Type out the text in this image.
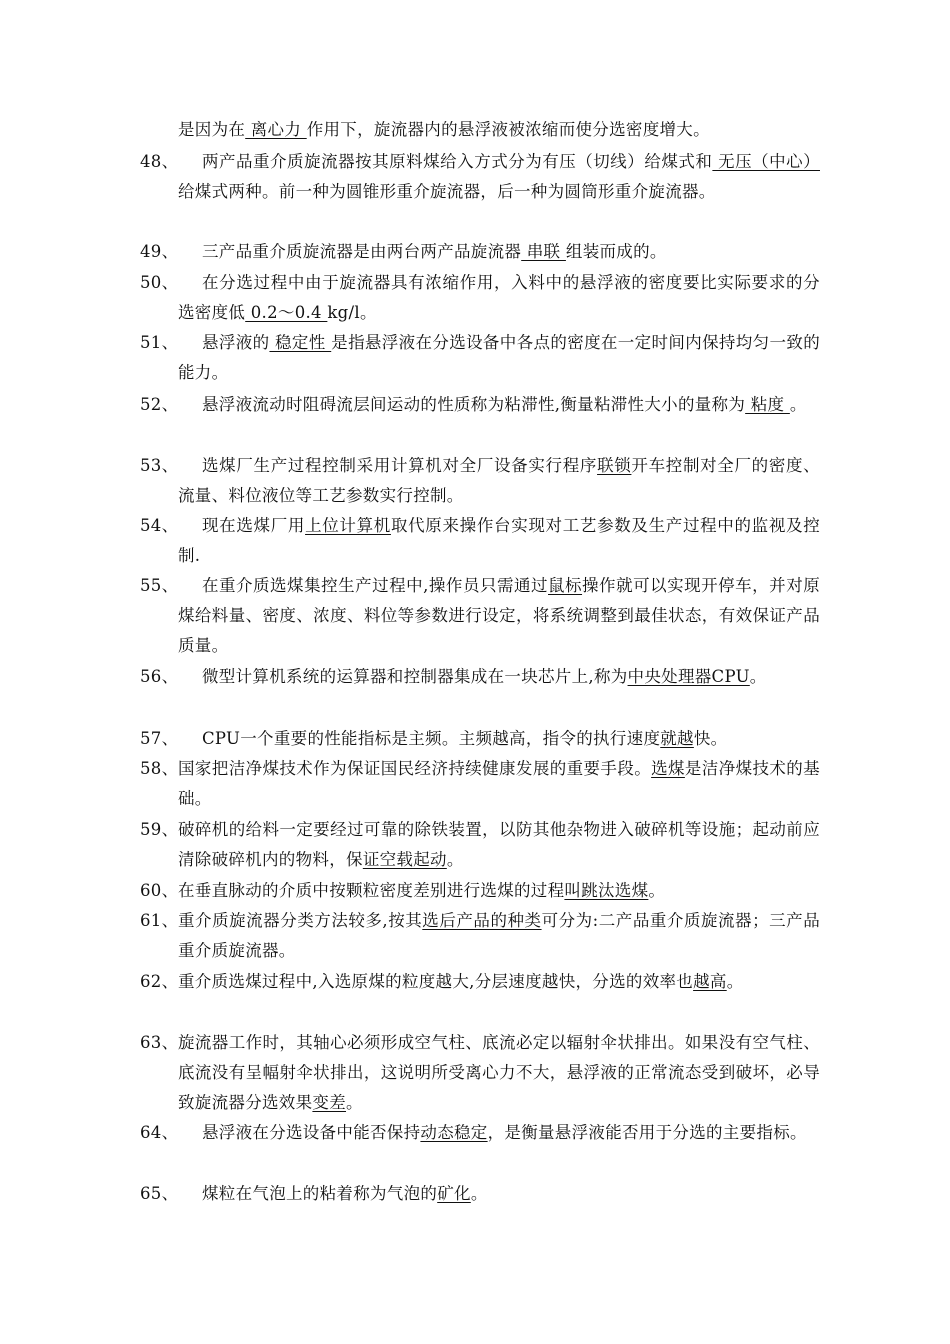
是因为在 离心力 作用下，旋流器内的悬浮液被浓缩而使分选密度增大。
48、	两产品重介质旋流器按其原料煤给入方式分为有压（切线）给煤式和 无压（中心）给煤式两种。前一种为圆锥形重介旋流器，后一种为圆筒形重介旋流器。
49、	三产品重介质旋流器是由两台两产品旋流器 串联 组装而成的。
50、	在分选过程中由于旋流器具有浓缩作用，入料中的悬浮液的密度要比实际要求的分选密度低 0.2～0.4 kg/l。
51、	悬浮液的 稳定性 是指悬浮液在分选设备中各点的密度在一定时间内保持均匀一致的能力。
52、	悬浮液流动时阻碍流层间运动的性质称为粘滞性,衡量粘滞性大小的量称为 粘度 。
53、	选煤厂生产过程控制采用计算机对全厂设备实行程序联锁开车控制对全厂的密度、流量、料位液位等工艺参数实行控制。
54、	现在选煤厂用上位计算机取代原来操作台实现对工艺参数及生产过程中的监视及控制.
55、	在重介质选煤集控生产过程中,操作员只需通过鼠标操作就可以实现开停车，并对原煤给料量、密度、浓度、料位等参数进行设定，将系统调整到最佳状态，有效保证产品质量。
56、	微型计算机系统的运算器和控制器集成在一块芯片上,称为中央处理器CPU。
57、	CPU一个重要的性能指标是主频。主频越高，指令的执行速度就越快。
58、 国家把洁净煤技术作为保证国民经济持续健康发展的重要手段。选煤是洁净煤技术的基础。
59、 破碎机的给料一定要经过可靠的除铁装置，以防其他杂物进入破碎机等设施；起动前应清除破碎机内的物料，保证空载起动。
60、 在垂直脉动的介质中按颗粒密度差别进行选煤的过程叫跳汰选煤。
61、 重介质旋流器分类方法较多,按其选后产品的种类可分为:二产品重介质旋流器；三产品重介质旋流器。
62、 重介质选煤过程中,入选原煤的粒度越大,分层速度越快，分选的效率也越高。
63、 旋流器工作时，其轴心必须形成空气柱、底流必定以辐射伞状排出。如果没有空气柱、底流没有呈幅射伞状排出，这说明所受离心力不大，悬浮液的正常流态受到破坏，必导致旋流器分选效果变差。
64、	悬浮液在分选设备中能否保持动态稳定，是衡量悬浮液能否用于分选的主要指标。
65、	煤粒在气泡上的粘着称为气泡的矿化。
